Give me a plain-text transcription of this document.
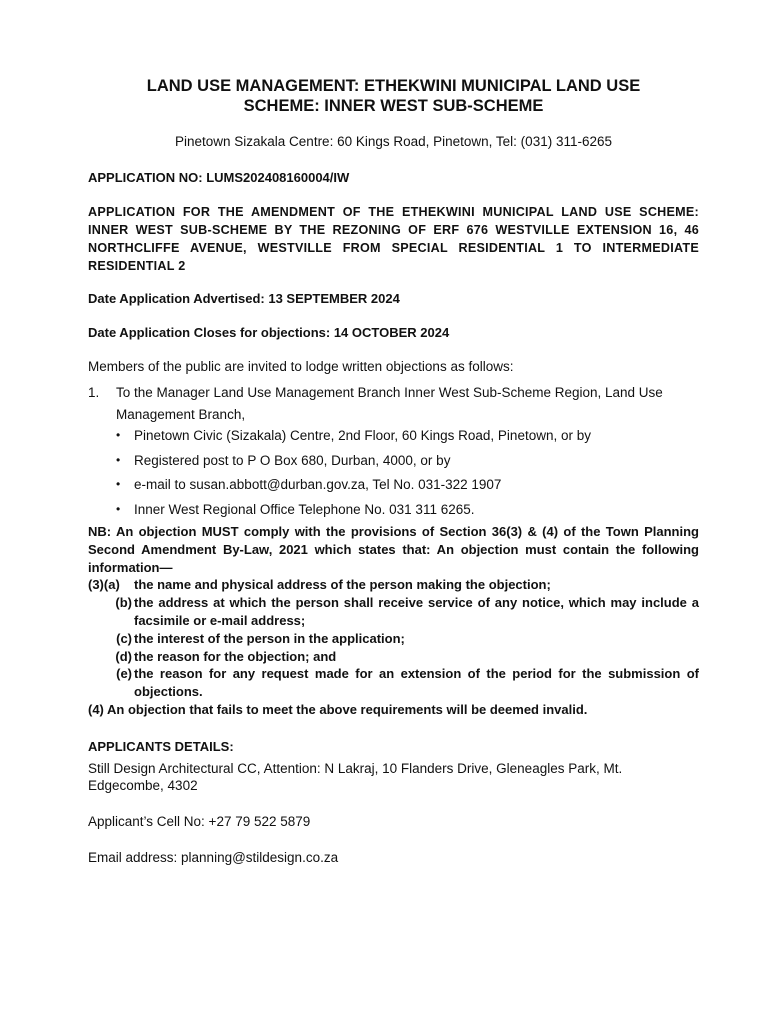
LAND USE MANAGEMENT: ETHEKWINI MUNICIPAL LAND USE
SCHEME: INNER WEST SUB-SCHEME
Pinetown Sizakala Centre: 60 Kings Road, Pinetown, Tel: (031) 311-6265
APPLICATION NO: LUMS202408160004/IW
APPLICATION FOR THE AMENDMENT OF THE ETHEKWINI MUNICIPAL LAND USE SCHEME: INNER WEST SUB-SCHEME BY THE REZONING OF ERF 676 WESTVILLE EXTENSION 16, 46 NORTHCLIFFE AVENUE, WESTVILLE FROM SPECIAL RESIDENTIAL 1 TO INTERMEDIATE RESIDENTIAL 2
Date Application Advertised: 13 SEPTEMBER 2024
Date Application Closes for objections: 14 OCTOBER 2024
Members of the public are invited to lodge written objections as follows:
1.	To the Manager Land Use Management Branch Inner West Sub-Scheme Region, Land Use Management Branch,
•	Pinetown Civic (Sizakala) Centre, 2nd Floor, 60 Kings Road, Pinetown, or by
•	Registered post to P O Box 680, Durban, 4000, or by
•	e-mail to susan.abbott@durban.gov.za, Tel No. 031-322 1907
•	Inner West Regional Office Telephone No. 031 311 6265.
NB: An objection MUST comply with the provisions of Section 36(3) & (4) of the Town Planning Second Amendment By-Law, 2021 which states that: An objection must contain the following information—
(3)(a)	the name and physical address of the person making the objection;
(b) the address at which the person shall receive service of any notice, which may include a facsimile or e-mail address;
(c) the interest of the person in the application;
(d) the reason for the objection; and
(e) the reason for any request made for an extension of the period for the submission of objections.
(4) An objection that fails to meet the above requirements will be deemed invalid.
APPLICANTS DETAILS:
Still Design Architectural CC, Attention: N Lakraj, 10 Flanders Drive, Gleneagles Park, Mt. Edgecombe, 4302
Applicant’s Cell No: +27 79 522 5879
Email address: planning@stildesign.co.za
